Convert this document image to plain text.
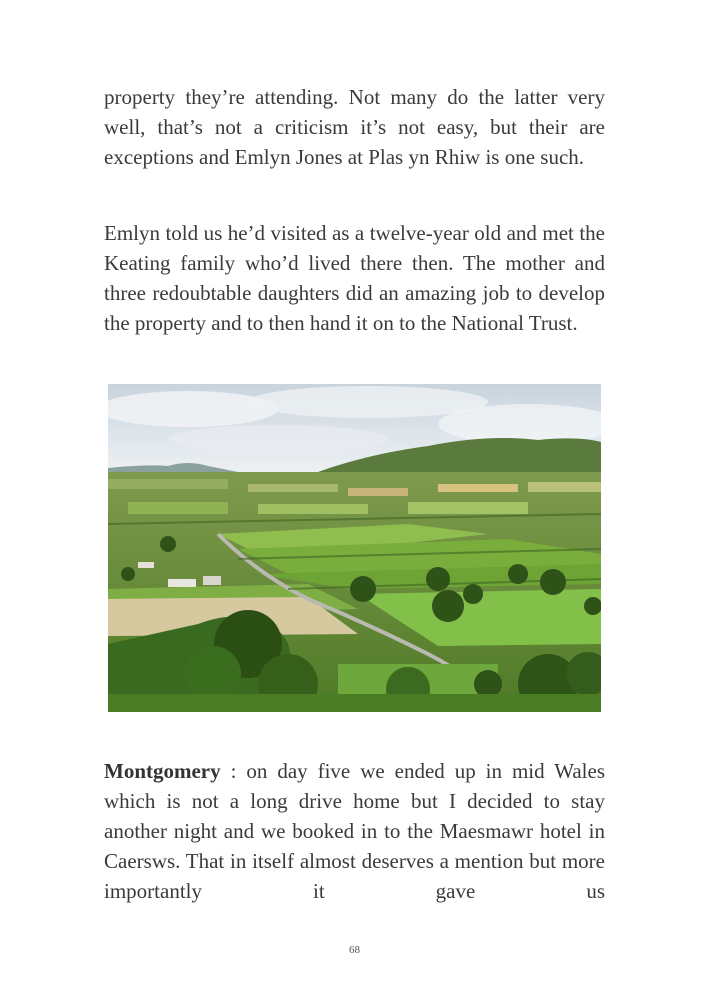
property they’re attending. Not many do the latter very well, that’s not a criticism it’s not easy, but their are exceptions and Emlyn Jones at Plas yn Rhiw is one such.

Emlyn told us he’d visited as a twelve-year old and met the Keating family who’d lived there then. The mother and three redoubtable daughters did an amazing job to develop the property and to then hand it on to the National Trust.

Montgomery : on day five we ended up in mid Wales which is not a long drive home but I decided to stay another night and we booked in to the Maesmawr hotel in Caersws. That in itself almost deserves a mention but more importantly it gave us

68
